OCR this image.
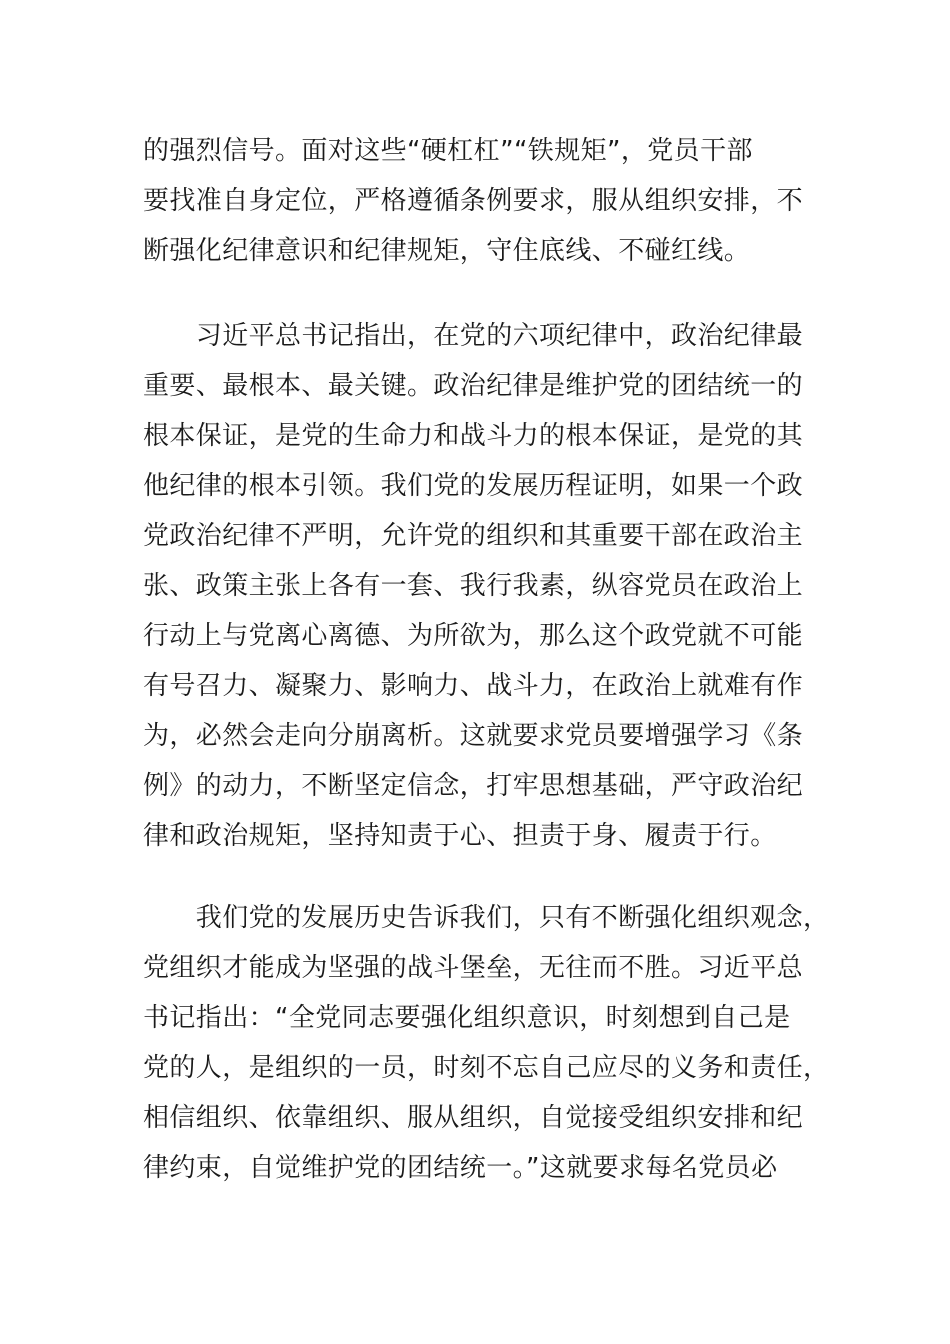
的强烈信号。面对这些“硬杠杠”“铁规矩”，党员干部
要找准自身定位，严格遵循条例要求，服从组织安排，不
断强化纪律意识和纪律规矩，守住底线、不碰红线。
　　习近平总书记指出，在党的六项纪律中，政治纪律最
重要、最根本、最关键。政治纪律是维护党的团结统一的
根本保证，是党的生命力和战斗力的根本保证，是党的其
他纪律的根本引领。我们党的发展历程证明，如果一个政
党政治纪律不严明，允许党的组织和其重要干部在政治主
张、政策主张上各有一套、我行我素，纵容党员在政治上
行动上与党离心离德、为所欲为，那么这个政党就不可能
有号召力、凝聚力、影响力、战斗力，在政治上就难有作
为，必然会走向分崩离析。这就要求党员要增强学习《条
例》的动力，不断坚定信念，打牢思想基础，严守政治纪
律和政治规矩，坚持知责于心、担责于身、履责于行。
　　我们党的发展历史告诉我们，只有不断强化组织观念，
党组织才能成为坚强的战斗堡垒，无往而不胜。习近平总
书记指出：“全党同志要强化组织意识，时刻想到自己是
党的人，是组织的一员，时刻不忘自己应尽的义务和责任，
相信组织、依靠组织、服从组织，自觉接受组织安排和纪
律约束，自觉维护党的团结统一。”这就要求每名党员必
